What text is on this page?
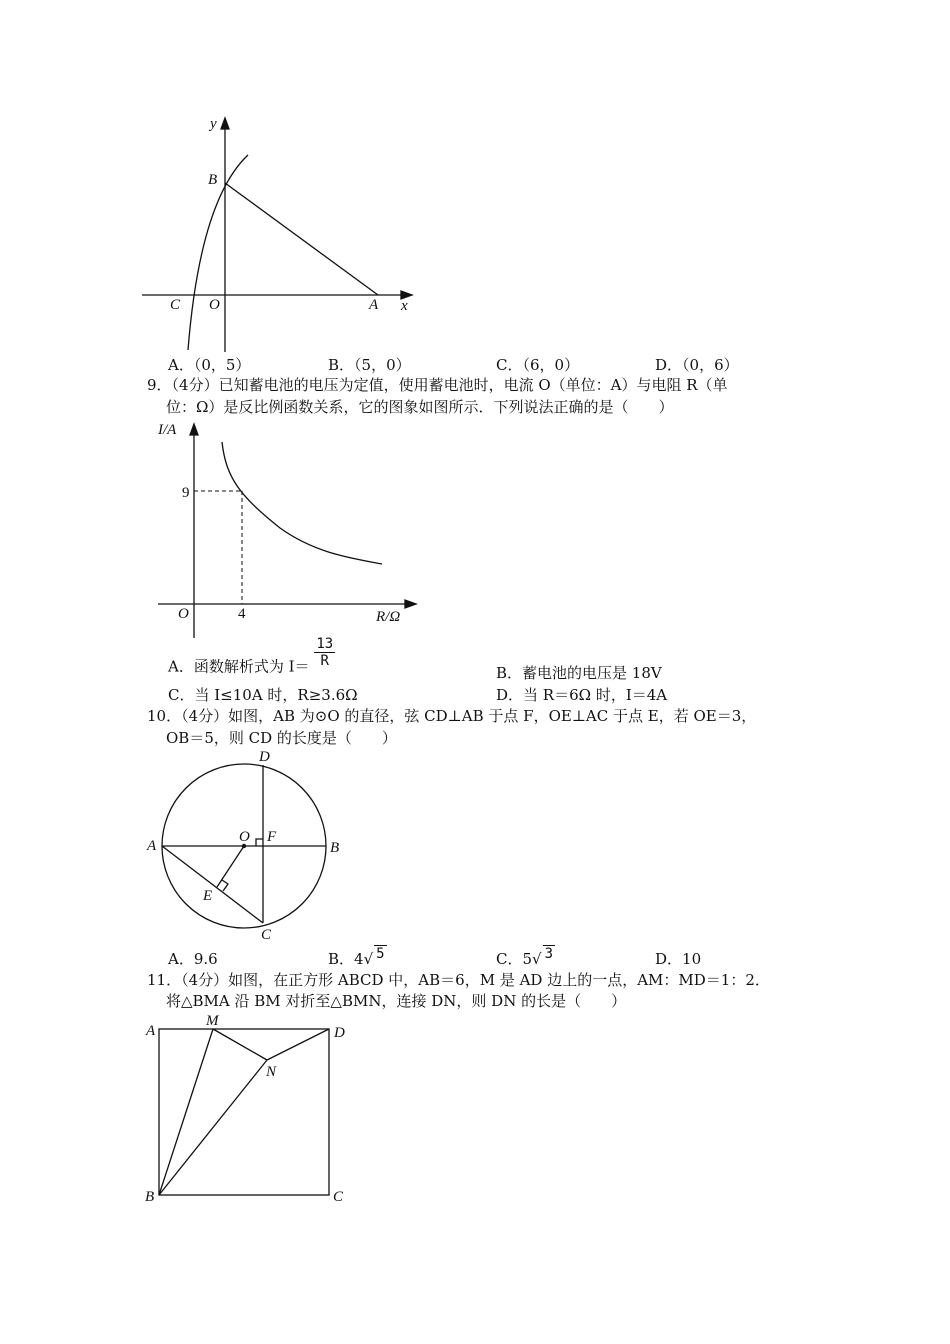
y
x
B
C O	A
A．（0，5）	B．（5，0）	C．（6，0）	D．（0，6）
9．（4分）已知蓄电池的电压为定值，使用蓄电池时，电流 O（单位：A）与电阻 R（单
位：Ω）是反比例函数关系，它的图象如图所示．下列说法正确的是（　　）
I/A
9
O	4	R/Ω
A．函数解析式为 $I= \frac{13}{R}$
B．蓄电池的电压是 18V
C．当 I≤10A 时，R≥3.6Ω	D．当 R＝6Ω 时，I＝4A
10．（4分）如图，AB 为⊙O 的直径，弦 CD⊥AB 于点 F，OE⊥AC 于点 E，若 OE＝3，
OB＝5，则 CD 的长度是（　　）
D
A
O F
B
E
C
A．9.6	B．4√ 5	C．5√ 3	D．10
11．（4分）如图，在正方形 ABCD 中，AB＝6，M 是 AD 边上的一点，AM：MD＝1：2．
将△BMA 沿 BM 对折至△BMN，连接 DN，则 DN 的长是（　　）
A
M
D
N
B	C
